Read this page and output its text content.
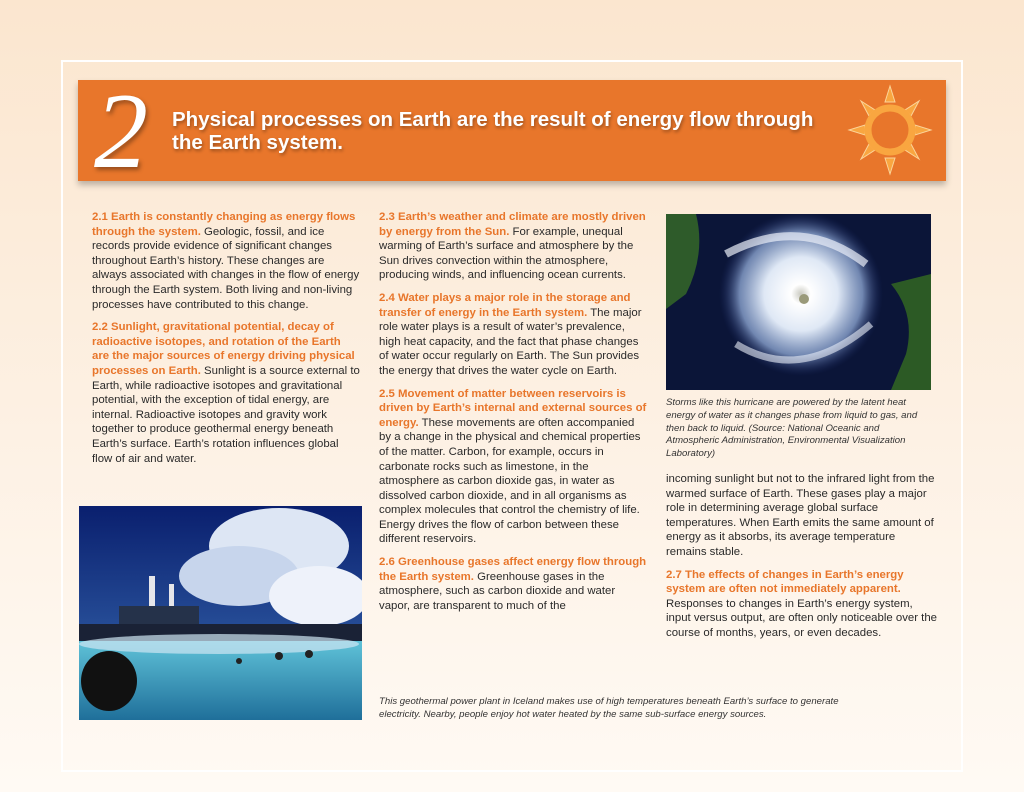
2 Physical processes on Earth are the result of energy flow through the Earth system.

2.1 Earth is constantly changing as energy flows through the system. Geologic, fossil, and ice records provide evidence of significant changes throughout Earth’s history. These changes are always associated with changes in the flow of energy through the Earth system. Both living and non-living processes have contributed to this change.

2.2 Sunlight, gravitational potential, decay of radioactive isotopes, and rotation of the Earth are the major sources of energy driving physical processes on Earth. Sunlight is a source external to Earth, while radioactive isotopes and gravitational potential, with the exception of tidal energy, are internal. Radioactive isotopes and gravity work together to produce geothermal energy beneath Earth’s surface. Earth’s rotation influences global flow of air and water.

2.3 Earth’s weather and climate are mostly driven by energy from the Sun. For example, unequal warming of Earth’s surface and atmosphere by the Sun drives convection within the atmosphere, producing winds, and influencing ocean currents.

2.4 Water plays a major role in the storage and transfer of energy in the Earth system. The major role water plays is a result of water’s prevalence, high heat capacity, and the fact that phase changes of water occur regularly on Earth. The Sun provides the energy that drives the water cycle on Earth.

2.5 Movement of matter between reservoirs is driven by Earth’s internal and external sources of energy. These movements are often accompanied by a change in the physical and chemical properties of the matter. Carbon, for example, occurs in carbonate rocks such as limestone, in the atmosphere as carbon dioxide gas, in water as dissolved carbon dioxide, and in all organisms as complex molecules that control the chemistry of life. Energy drives the flow of carbon between these different reservoirs.

2.6 Greenhouse gases affect energy flow through the Earth system. Greenhouse gases in the atmosphere, such as carbon dioxide and water vapor, are transparent to much of the

Storms like this hurricane are powered by the latent heat energy of water as it changes phase from liquid to gas, and then back to liquid. (Source: National Oceanic and Atmospheric Administration, Environmental Visualization Laboratory)

incoming sunlight but not to the infrared light from the warmed surface of Earth. These gases play a major role in determining average global surface temperatures. When Earth emits the same amount of energy as it absorbs, its average temperature remains stable.

2.7 The effects of changes in Earth’s energy system are often not immediately apparent. Responses to changes in Earth’s energy system, input versus output, are often only noticeable over the course of months, years, or even decades.

This geothermal power plant in Iceland makes use of high temperatures beneath Earth’s surface to generate electricity. Nearby, people enjoy hot water heated by the same sub-surface energy sources.
